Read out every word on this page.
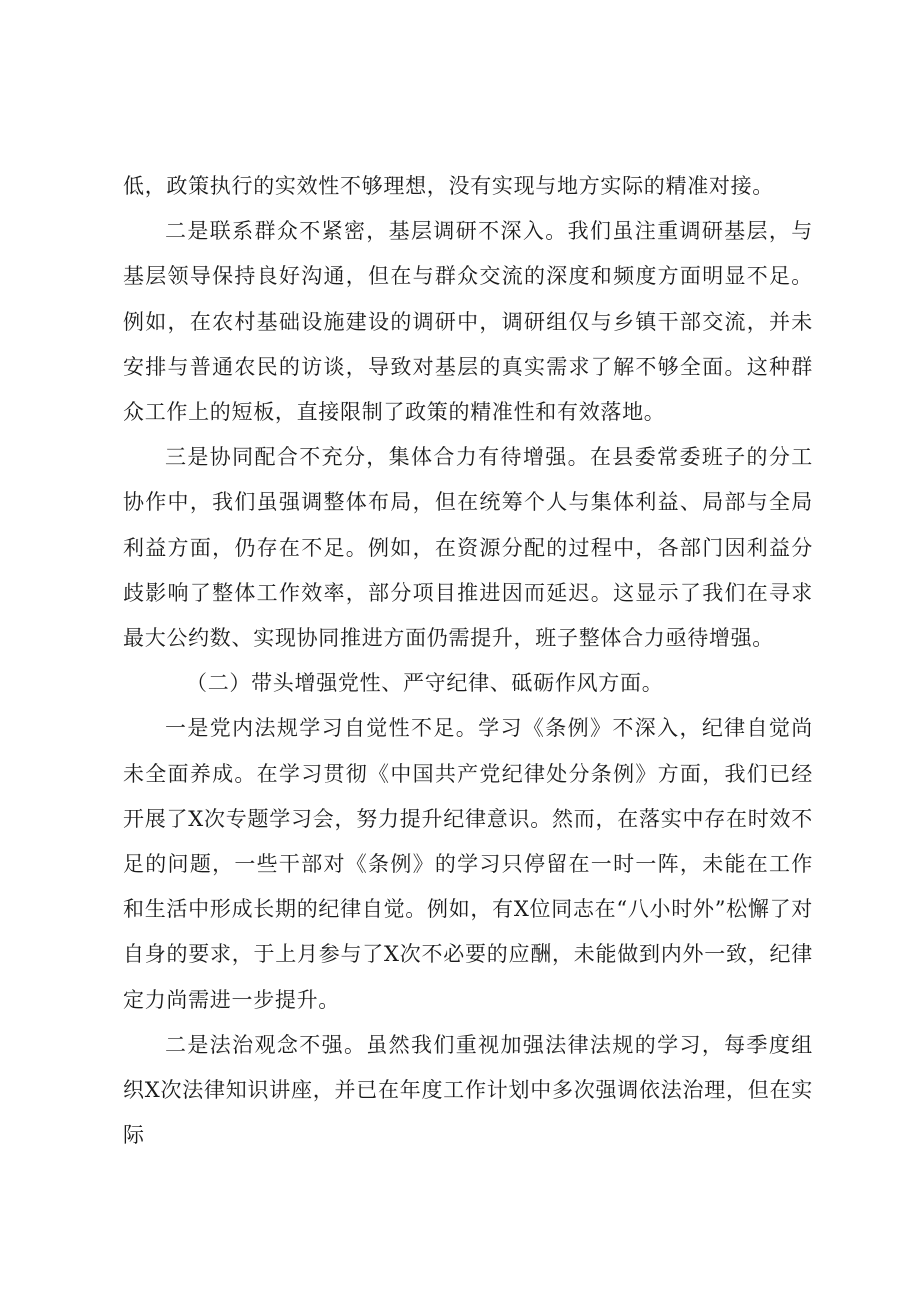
低，政策执行的实效性不够理想，没有实现与地方实际的精准对接。

二是联系群众不紧密，基层调研不深入。我们虽注重调研基层，与基层领导保持良好沟通，但在与群众交流的深度和频度方面明显不足。例如，在农村基础设施建设的调研中，调研组仅与乡镇干部交流，并未安排与普通农民的访谈，导致对基层的真实需求了解不够全面。这种群众工作上的短板，直接限制了政策的精准性和有效落地。

三是协同配合不充分，集体合力有待增强。在县委常委班子的分工协作中，我们虽强调整体布局，但在统筹个人与集体利益、局部与全局利益方面，仍存在不足。例如，在资源分配的过程中，各部门因利益分歧影响了整体工作效率，部分项目推进因而延迟。这显示了我们在寻求最大公约数、实现协同推进方面仍需提升，班子整体合力亟待增强。

（二）带头增强党性、严守纪律、砥砺作风方面。

一是党内法规学习自觉性不足。学习《条例》不深入，纪律自觉尚未全面养成。在学习贯彻《中国共产党纪律处分条例》方面，我们已经开展了X次专题学习会，努力提升纪律意识。然而，在落实中存在时效不足的问题，一些干部对《条例》的学习只停留在一时一阵，未能在工作和生活中形成长期的纪律自觉。例如，有X位同志在“八小时外”松懈了对自身的要求，于上月参与了X次不必要的应酬，未能做到内外一致，纪律定力尚需进一步提升。

二是法治观念不强。虽然我们重视加强法律法规的学习，每季度组织X次法律知识讲座，并已在年度工作计划中多次强调依法治理，但在实际
